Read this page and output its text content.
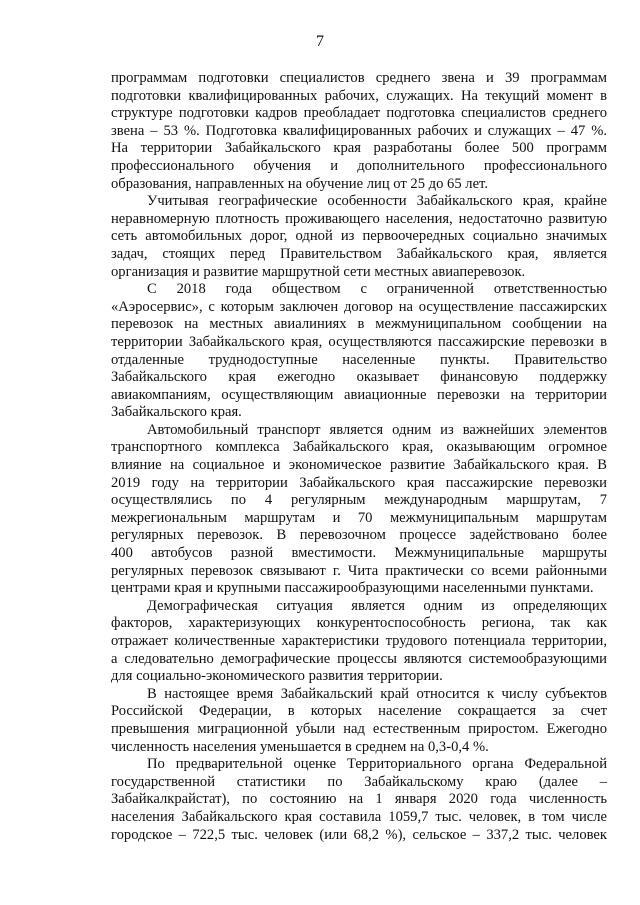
7
программам подготовки специалистов среднего звена и 39 программам
подготовки квалифицированных рабочих, служащих. На текущий момент в
структуре подготовки кадров преобладает подготовка специалистов среднего
звена – 53 %. Подготовка квалифицированных рабочих и служащих – 47 %.
На территории Забайкальского края разработаны более 500 программ
профессионального обучения и дополнительного профессионального
образования, направленных на обучение лиц от 25 до 65 лет.
Учитывая географические особенности Забайкальского края, крайне
неравномерную плотность проживающего населения, недостаточно развитую
сеть автомобильных дорог, одной из первоочередных социально значимых
задач, стоящих перед Правительством Забайкальского края, является
организация и развитие маршрутной сети местных авиаперевозок.
С 2018 года обществом с ограниченной ответственностью
«Аэросервис», с которым заключен договор на осуществление пассажирских
перевозок на местных авиалиниях в межмуниципальном сообщении на
территории Забайкальского края, осуществляются пассажирские перевозки в
отдаленные труднодоступные населенные пункты. Правительство
Забайкальского края ежегодно оказывает финансовую поддержку
авиакомпаниям, осуществляющим авиационные перевозки на территории
Забайкальского края.
Автомобильный транспорт является одним из важнейших элементов
транспортного комплекса Забайкальского края, оказывающим огромное
влияние на социальное и экономическое развитие Забайкальского края. В
2019 году на территории Забайкальского края пассажирские перевозки
осуществлялись по 4 регулярным международным маршрутам, 7
межрегиональным маршрутам и 70 межмуниципальным маршрутам
регулярных перевозок. В перевозочном процессе задействовано более
400 автобусов разной вместимости. Межмуниципальные маршруты
регулярных перевозок связывают г. Чита практически со всеми районными
центрами края и крупными пассажирообразующими населенными пунктами.
Демографическая ситуация является одним из определяющих
факторов, характеризующих конкурентоспособность региона, так как
отражает количественные характеристики трудового потенциала территории,
а следовательно демографические процессы являются системообразующими
для социально-экономического развития территории.
В настоящее время Забайкальский край относится к числу субъектов
Российской Федерации, в которых население сокращается за счет
превышения миграционной убыли над естественным приростом. Ежегодно
численность населения уменьшается в среднем на 0,3-0,4 %.
По предварительной оценке Территориального органа Федеральной
государственной статистики по Забайкальскому краю (далее –
Забайкалкрайстат), по состоянию на 1 января 2020 года численность
населения Забайкальского края составила 1059,7 тыс. человек, в том числе
городское – 722,5 тыс. человек (или 68,2 %), сельское – 337,2 тыс. человек
